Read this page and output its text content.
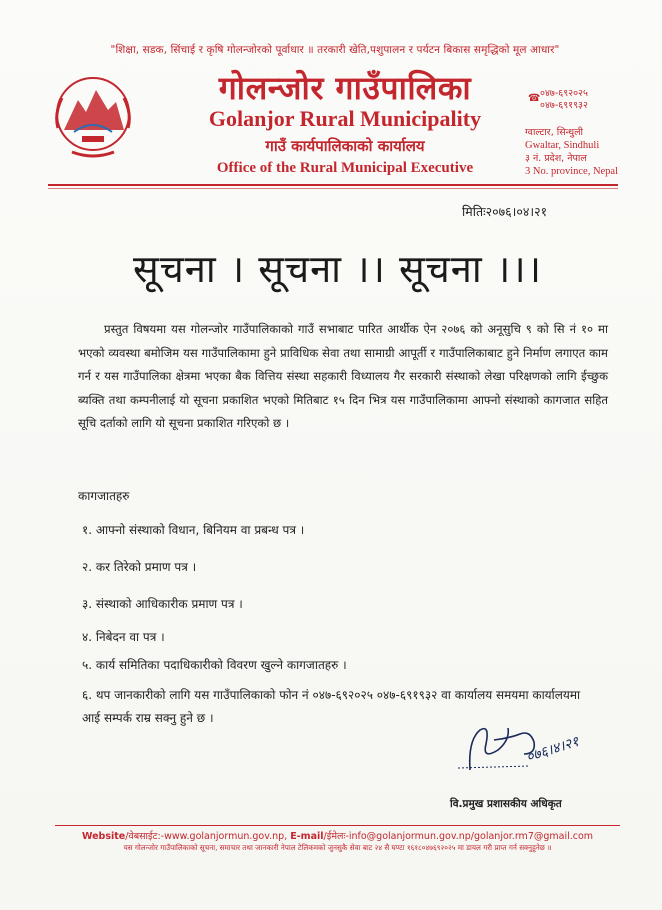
"शिक्षा, सडक, सिंचाई र कृषि गोलन्जोरको पूर्वाधार ॥ तरकारी खेति,पशुपालन र पर्यटन बिकास समृद्धिको मूल आधार"
गोलन्जोर गाउँपालिका
Golanjor Rural Municipality
गाउँ कार्यपालिकाको कार्यालय
Office of the Rural Municipal Executive
☎ ०४७-६९२०२५
०४७-६९१९३२
ग्वाल्टार, सिन्धुली
Gwaltar, Sindhuli
३ नं. प्रदेश, नेपाल
3 No. province, Nepal
मितिः२०७६।०४।२१
सूचना । सूचना ।। सूचना ।।।
प्रस्तुत विषयमा यस गोलन्जोर गाउँपालिकाको गाउँ सभाबाट पारित आर्थीक ऐन २०७६ को अनूसुचि ९ को सि नं १० मा भएको व्यवस्था बमोजिम यस गाउँपालिकामा हुने प्राविधिक सेवा तथा सामाग्री आपूर्ती र गाउँपालिकाबाट हुने निर्माण लगाएत काम गर्न र यस गाउँपालिका क्षेत्रमा भएका बैक वित्तिय संस्था सहकारी विध्यालय गैर सरकारी संस्थाको लेखा परिक्षणको लागि ईच्छुक ब्यक्ति तथा कम्पनीलाई यो सूचना प्रकाशित भएको मितिबाट १५ दिन भित्र यस गाउँपालिकामा आफ्नो संस्थाको कागजात सहित सूचि दर्ताको लागि यो सूचना प्रकाशित गरिएको छ ।
कागजातहरु
१. आफ्नो संस्थाको विधान, बिनियम वा प्रबन्ध पत्र ।
२. कर तिरेको प्रमाण पत्र ।
३. संस्थाको आधिकारीक प्रमाण पत्र ।
४. निबेदन वा पत्र ।
५. कार्य समितिका पदाधिकारीको विवरण खुल्ने कागजातहरु ।
६. थप जानकारीको लागि यस गाउँपालिकाको फोन नं ०४७-६९२०२५ ०४७-६९१९३२ वा कार्यालय समयमा कार्यालयमा आई सम्पर्क राम्र सक्नु हुने छ ।
०७६।४।२१
वि.प्रमुख प्रशासकीय अधिकृत
Website/वेबसाईट:-www.golanjormun.gov.np, E-mail/ईमेलः-info@golanjormun.gov.np/golanjor.rm7@gmail.com
यस गोलन्जोर गाउँपालिकाको सूचना, समाचार तथा जानकारी नेपाल टेलिकमको जुनसुकै सेवा बाट २४ सै घण्टा १६१८०४७६९२०२५ मा डायल गरी प्राप्त गर्न सक्नुहुनेछ ॥
